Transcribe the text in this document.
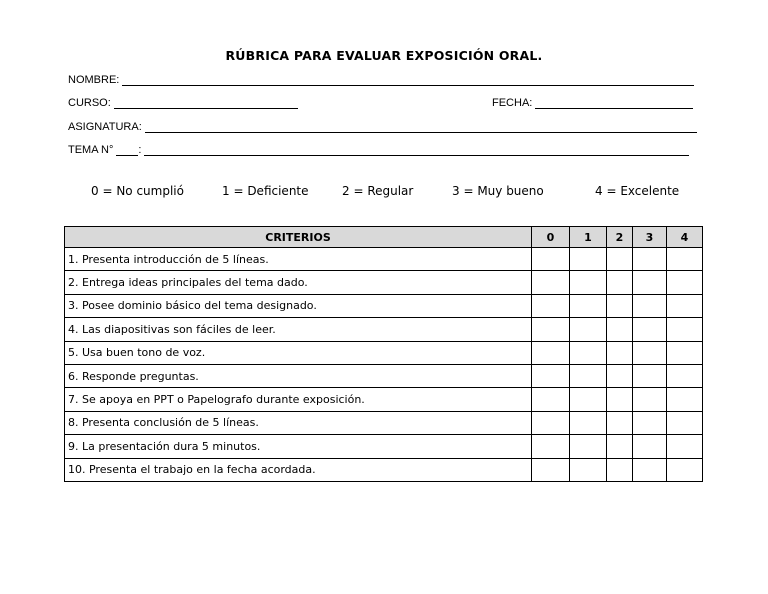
RÚBRICA PARA EVALUAR EXPOSICIÓN ORAL.
NOMBRE:
CURSO:	FECHA:
ASIGNATURA:
TEMA N° :
0 = No cumplió	1 = Deficiente	2 = Regular	3 = Muy bueno	4 = Excelente
CRITERIOS	0	1	2	3	4
1. Presenta introducción de 5 líneas.					
2. Entrega ideas principales del tema dado.					
3. Posee dominio básico del tema designado.					
4. Las diapositivas son fáciles de leer.					
5. Usa buen tono de voz.					
6. Responde preguntas.					
7. Se apoya en PPT o Papelografo durante exposición.					
8. Presenta conclusión de 5 líneas.					
9. La presentación dura 5 minutos.					
10. Presenta el trabajo en la fecha acordada.					
